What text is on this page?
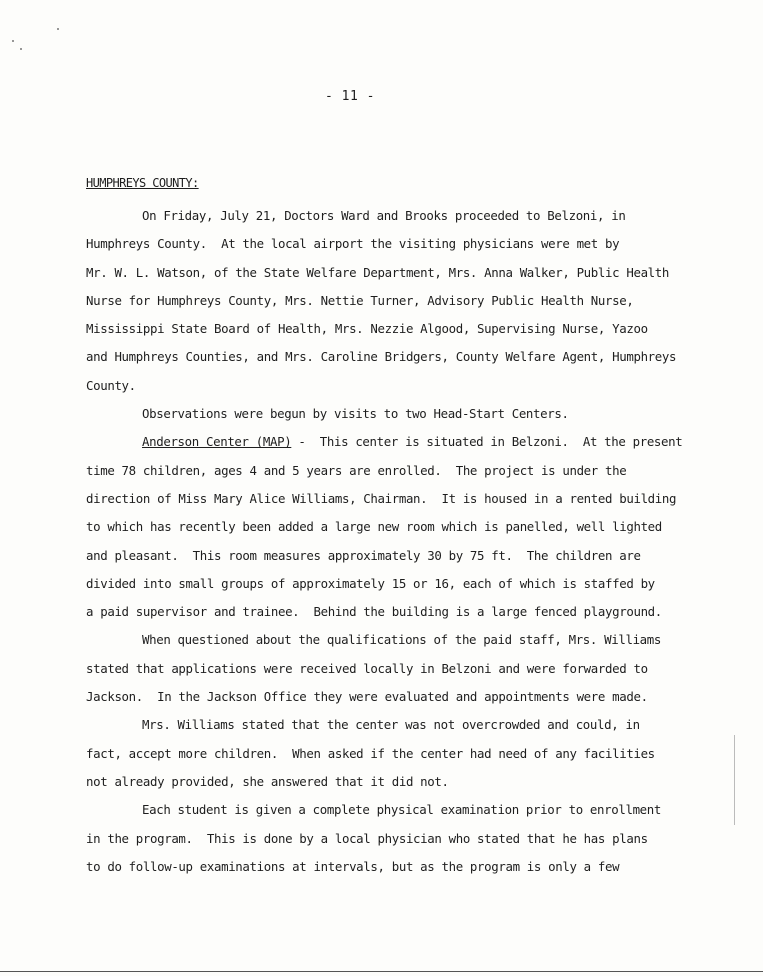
- 11 -
HUMPHREYS COUNTY:
On Friday, July 21, Doctors Ward and Brooks proceeded to Belzoni, in
Humphreys County.  At the local airport the visiting physicians were met by
Mr. W. L. Watson, of the State Welfare Department, Mrs. Anna Walker, Public Health
Nurse for Humphreys County, Mrs. Nettie Turner, Advisory Public Health Nurse,
Mississippi State Board of Health, Mrs. Nezzie Algood, Supervising Nurse, Yazoo
and Humphreys Counties, and Mrs. Caroline Bridgers, County Welfare Agent, Humphreys
County.
Observations were begun by visits to two Head-Start Centers.
Anderson Center (MAP) -  This center is situated in Belzoni.  At the present
time 78 children, ages 4 and 5 years are enrolled.  The project is under the
direction of Miss Mary Alice Williams, Chairman.  It is housed in a rented building
to which has recently been added a large new room which is panelled, well lighted
and pleasant.  This room measures approximately 30 by 75 ft.  The children are
divided into small groups of approximately 15 or 16, each of which is staffed by
a paid supervisor and trainee.  Behind the building is a large fenced playground.
When questioned about the qualifications of the paid staff, Mrs. Williams
stated that applications were received locally in Belzoni and were forwarded to
Jackson.  In the Jackson Office they were evaluated and appointments were made.
Mrs. Williams stated that the center was not overcrowded and could, in
fact, accept more children.  When asked if the center had need of any facilities
not already provided, she answered that it did not.
Each student is given a complete physical examination prior to enrollment
in the program.  This is done by a local physician who stated that he has plans
to do follow-up examinations at intervals, but as the program is only a few
